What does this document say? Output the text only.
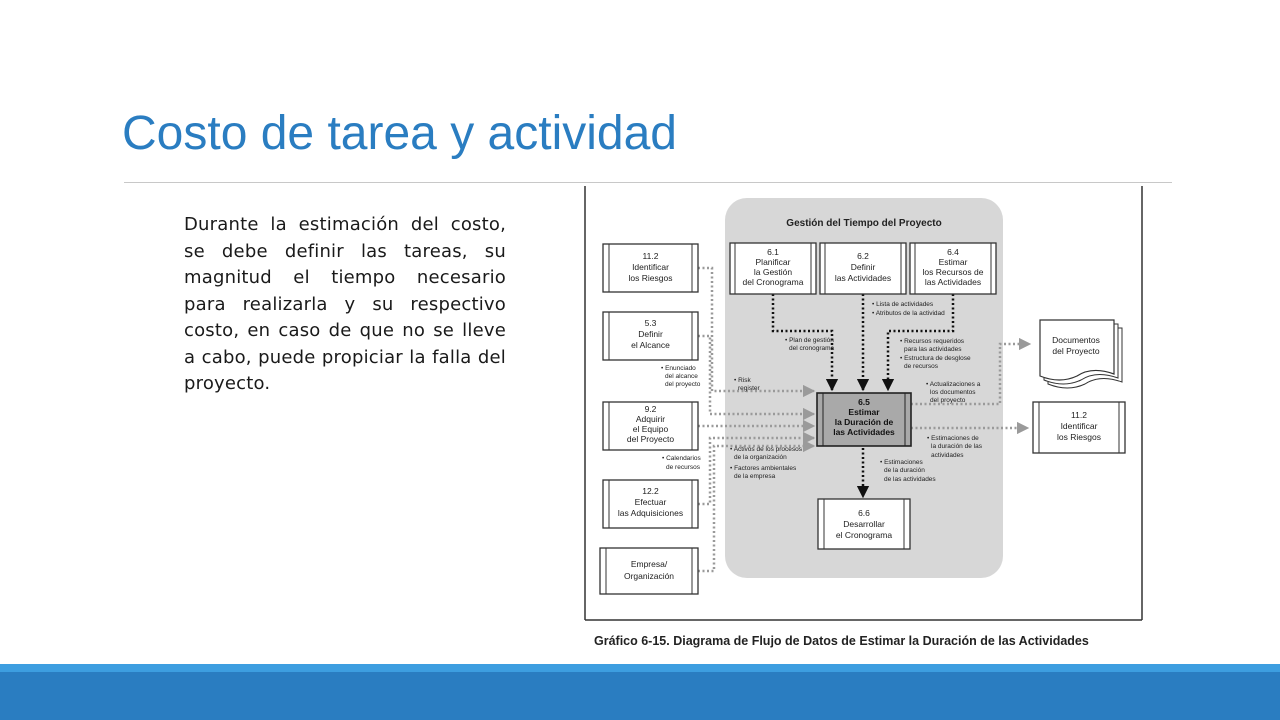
Costo de tarea y actividad
Durante la estimación del costo, se debe definir las tareas, su magnitud el tiempo necesario para realizarla y su respectivo costo, en caso de que no se lleve a cabo, puede propiciar la falla del proyecto.
Gestión del Tiempo del Proyecto
11.2 Identificar los Riesgos
5.3 Definir el Alcance
9.2 Adquirir el Equipo del Proyecto
12.2 Efectuar las Adquisiciones
Empresa/ Organización
6.1 Planificar la Gestión del Cronograma
6.2 Definir las Actividades
6.4 Estimar los Recursos de las Actividades
6.5 Estimar la Duración de las Actividades
6.6 Desarrollar el Cronograma
Documentos del Proyecto
11.2 Identificar los Riesgos
• Plan de gestión del cronograma
• Lista de actividades • Atributos de la actividad
• Recursos requeridos para las actividades • Estructura de desglose de recursos
• Enunciado del alcance del proyecto
• Risk register
• Actualizaciones a los documentos del proyecto
• Calendarios de recursos
• Activos de los procesos de la organización • Factores ambientales de la empresa
• Estimaciones de la duración de las actividades
• Estimaciones de la duración de las actividades
Gráfico 6-15. Diagrama de Flujo de Datos de Estimar la Duración de las Actividades
